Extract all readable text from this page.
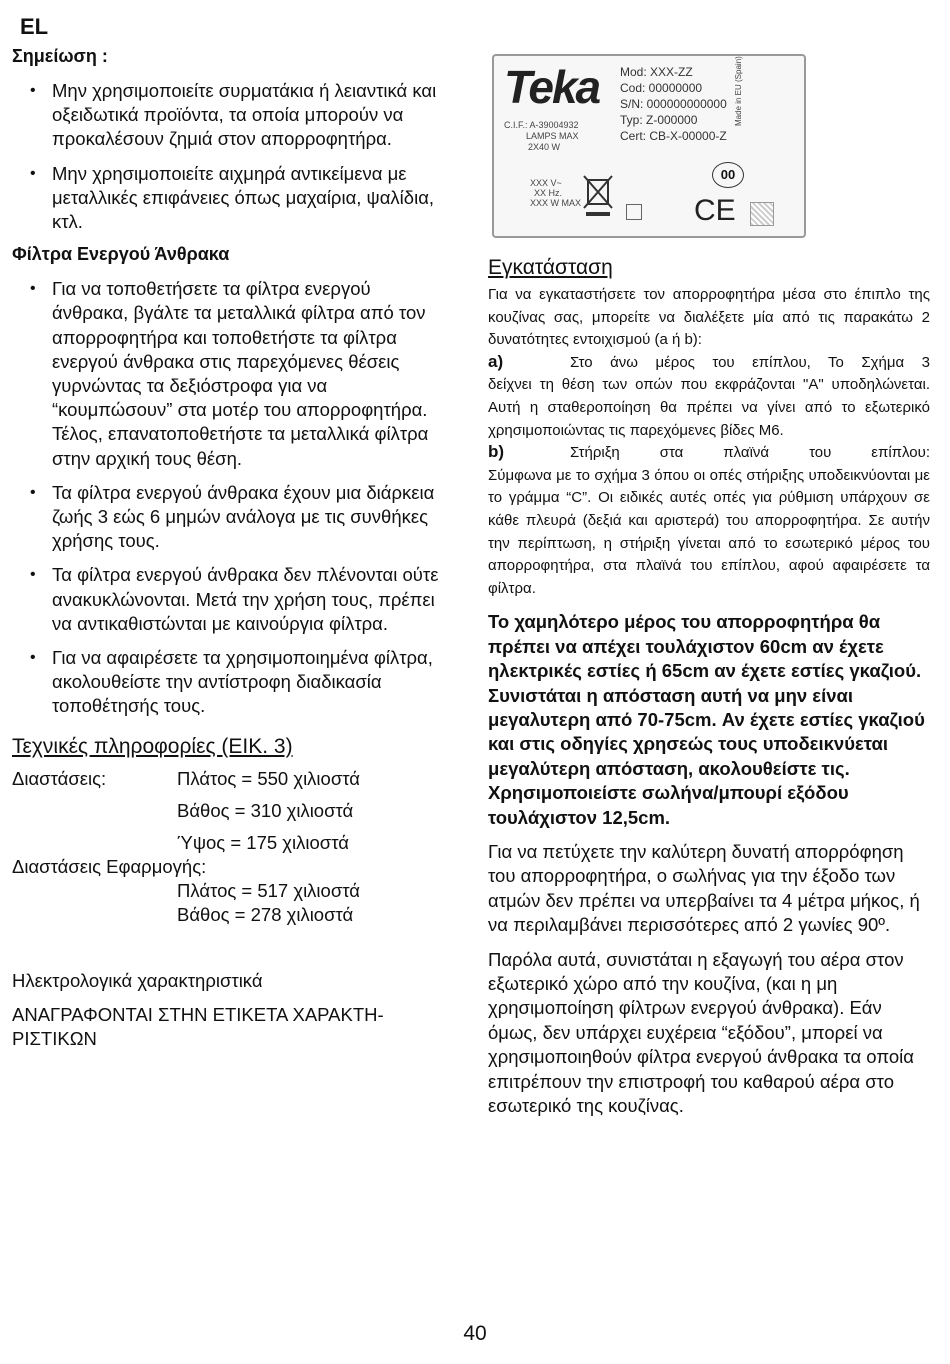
EL
Σημείωση :
• Μην χρησιμοποιείτε συρματάκια ή λειαντικά και οξειδωτικά προϊόντα, τα οποία μπορούν να προκαλέσουν ζημιά στον απορροφητήρα.
• Μην χρησιμοποιείτε αιχμηρά αντικείμενα με μεταλλικές επιφάνειες όπως μαχαίρια, ψαλίδια, κτλ.
Φίλτρα Ενεργού Άνθρακα
• Για να τοποθετήσετε τα φίλτρα ενεργού άνθρακα, βγάλτε τα μεταλλικά φίλτρα από τον απορροφητήρα και τοποθετήστε τα φίλτρα ενεργού άνθρακα στις παρεχόμενες θέσεις γυρνώντας τα δεξιόστροφα για να “κουμπώσουν” στα μοτέρ του απορροφητήρα. Τέλος, επανατοποθετήστε τα μεταλλικά φίλτρα στην αρχική τους θέση.
• Τα φίλτρα ενεργού άνθρακα έχουν μια διάρκεια ζωής 3 εώς 6 μημών ανάλογα με τις συνθήκες χρήσης τους.
• Τα φίλτρα ενεργού άνθρακα δεν πλένονται ούτε ανακυκλώνονται. Μετά την χρήση τους, πρέπει να αντικαθιστώνται με καινούργια φίλτρα.
• Για να αφαιρέσετε τα χρησιμοποιημένα φίλτρα, ακολουθείστε την αντίστροφη διαδικασία τοποθέτησής τους.
Τεχνικές πληροφορίες (ΕΙΚ. 3)
Διαστάσεις:	Πλάτος = 550 χιλιοστά
Βάθος = 310 χιλιοστά
Ύψος = 175 χιλιοστά
Διαστάσεις Εφαρμογής:
Πλάτος = 517 χιλιοστά
Βάθος = 278 χιλιοστά
Ηλεκτρολογικά χαρακτηριστικά
ΑΝΑΓΡΑΦΟΝΤΑΙ ΣΤΗΝ ΕΤΙΚΕΤΑ ΧΑΡΑΚΤΗ-ΡΙΣΤΙΚΩΝ
Teka
C.I.F.: A-39004932
LAMPS MAX
2X40 W
Mod: XXX-ZZ
Cod: 00000000
S/N: 000000000000
Typ: Z-000000
Cert: CB-X-00000-Z
XXX V~
XX Hz.
XXX W MAX
00
CE
Made in EU (Spain)
Εγκατάσταση

Για να εγκαταστήσετε τον απορροφητήρα μέσα στο έπιπλο της κουζίνας σας, μπορείτε να διαλέξετε μία από τις παρακάτω 2 δυνατότητες εντοιχισμού (a ή b):

a)	Στο άνω μέρος του επίπλου, Το Σχήμα 3

δείχνει τη θέση των οπών που εκφράζονται "A" υποδηλώνεται. Αυτή η σταθεροποίηση θα πρέπει να γίνει από το εξωτερικό χρησιμοποιώντας τις παρεχόμενες βίδες M6.

b)	Στήριξη στα πλαϊνά του επίπλου:

Σύμφωνα με το σχήμα 3 όπου οι οπές στήριξης υποδεικνύονται με το γράμμα “C”. Οι ειδικές αυτές οπές για ρύθμιση υπάρχουν σε κάθε πλευρά (δεξιά και αριστερά) του απορροφητήρα. Σε αυτήν την περίπτωση, η στήριξη γίνεται από το εσωτερικό μέρος του απορροφητήρα, στα πλαϊνά του επίπλου, αφού αφαιρέσετε τα φίλτρα.

Το χαμηλότερο μέρος του απορροφητήρα θα πρέπει να απέχει τουλάχιστον 60cm αν έχετε ηλεκτρικές εστίες ή 65cm αν έχετε εστίες γκαζιού. Συνιστάται η απόσταση αυτή να μην είναι μεγαλυτερη από 70-75cm. Αν έχετε εστίες γκαζιού και στις οδηγίες χρησεώς τους υποδεικνύεται μεγαλύτερη απόσταση, ακολουθείστε τις. Χρησιμοποιείστε σωλήνα/μπουρί εξόδου τουλάχιστον 12,5cm.

Για να πετύχετε την καλύτερη δυνατή απορρόφηση του απορροφητήρα, ο σωλήνας για την έξοδο των ατμών δεν πρέπει να υπερβαίνει τα 4 μέτρα μήκος, ή να περιλαμβάνει περισσότερες από 2 γωνίες 90º.

Παρόλα αυτά, συνιστάται η εξαγωγή του αέρα στον εξωτερικό χώρο από την κουζίνα, (και η μη χρησιμοποίηση φίλτρων ενεργού άνθρακα). Εάν όμως, δεν υπάρχει ευχέρεια “εξόδου”, μπορεί να χρησιμοποιηθούν φίλτρα ενεργού άνθρακα τα οποία επιτρέπουν την επιστροφή του καθαρού αέρα στο εσωτερικό της κουζίνας.

40
